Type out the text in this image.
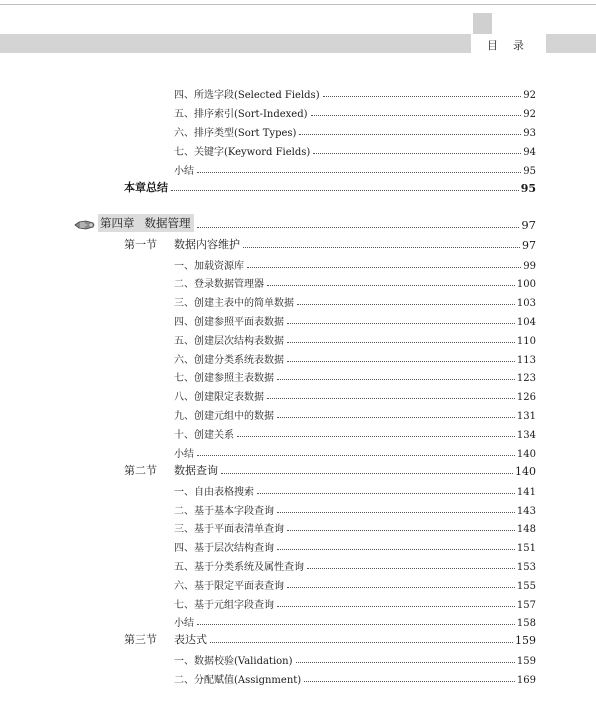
目　录
四、所选字段(Selected Fields)	92
五、排序索引(Sort-Indexed)	92
六、排序类型(Sort Types)	93
七、关键字(Keyword Fields)	94
小结	95
本章总结	95
第四章 数据管理	97
第一节 数据内容维护	97
一、加载资源库	99
二、登录数据管理器	100
三、创建主表中的简单数据	103
四、创建参照平面表数据	104
五、创建层次结构表数据	110
六、创建分类系统表数据	113
七、创建参照主表数据	123
八、创建限定表数据	126
九、创建元组中的数据	131
十、创建关系	134
小结	140
第二节 数据查询	140
一、自由表格搜索	141
二、基于基本字段查询	143
三、基于平面表清单查询	148
四、基于层次结构查询	151
五、基于分类系统及属性查询	153
六、基于限定平面表查询	155
七、基于元组字段查询	157
小结	158
第三节 表达式	159
一、数据校验(Validation)	159
二、分配赋值(Assignment)	169
